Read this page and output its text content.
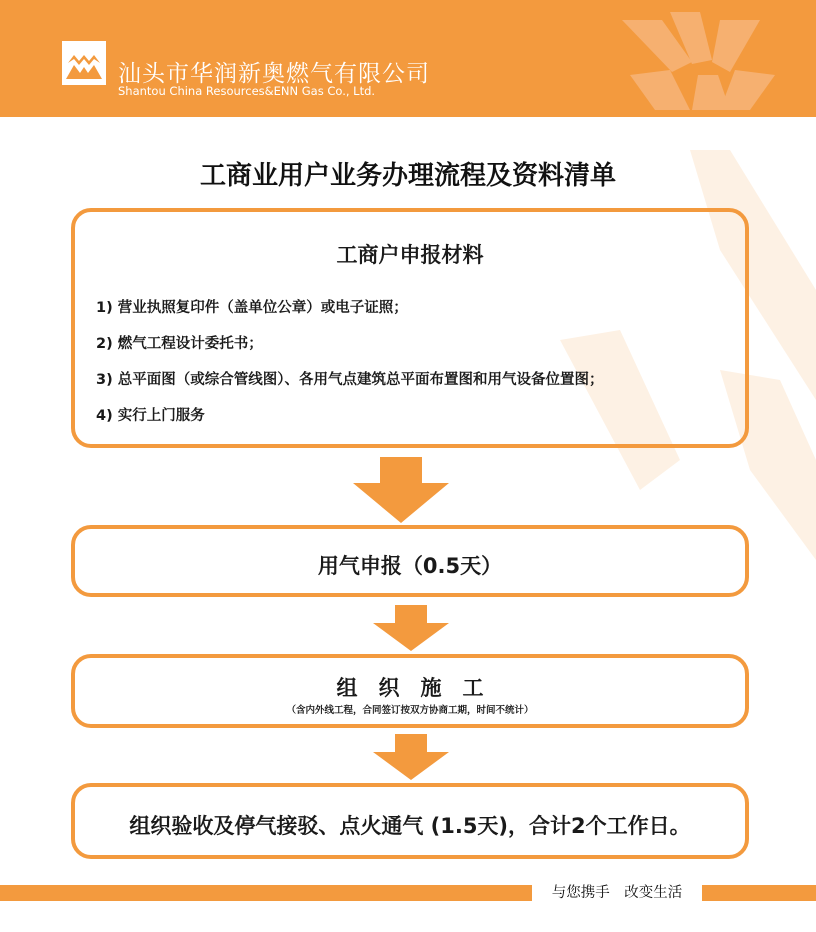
汕头市华润新奥燃气有限公司
Shantou China Resources&ENN Gas Co., Ltd.
工商业用户业务办理流程及资料清单
工商户申报材料
1) 营业执照复印件（盖单位公章）或电子证照；
2) 燃气工程设计委托书；
3) 总平面图（或综合管线图）、各用气点建筑总平面布置图和用气设备位置图；
4) 实行上门服务
用气申报（0.5天）
组　织　施　工
（含内外线工程，合同签订按双方协商工期，时间不统计）
组织验收及停气接驳、点火通气 (1.5天)，合计2个工作日。
与您携手　改变生活
